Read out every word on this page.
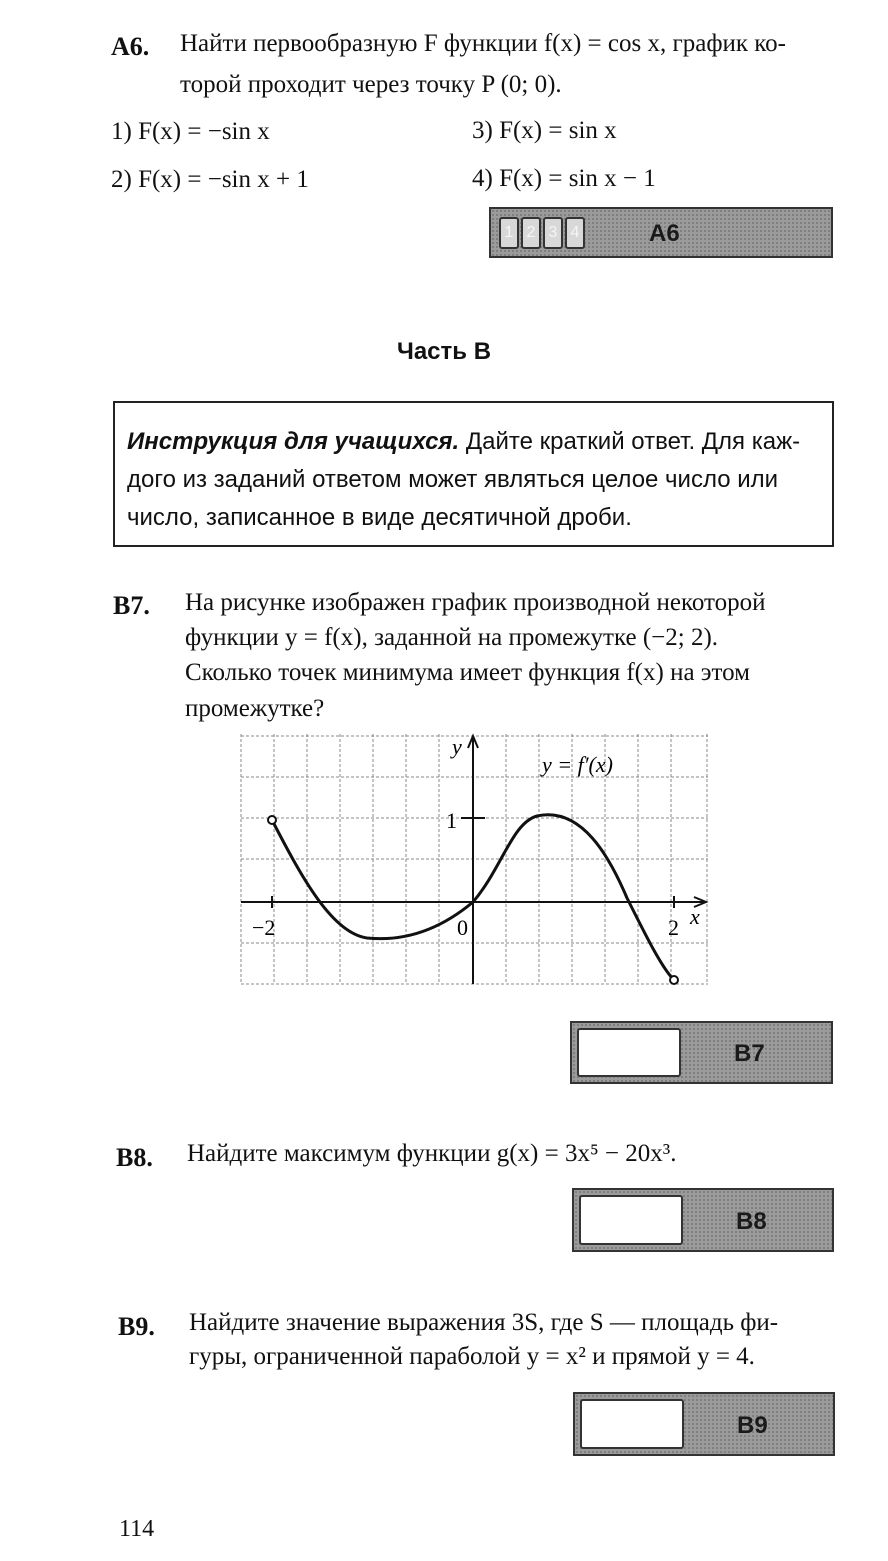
A6. Найти первообразную F функции f(x) = cos x, график ко-
торой проходит через точку P (0; 0).
1) F(x) = −sin x	3) F(x) = sin x
2) F(x) = −sin x + 1	4) F(x) = sin x − 1
1 2 3 4	А6
Часть В
Инструкция для учащихся. Дайте краткий ответ. Для каж-
дого из заданий ответом может являться целое число или
число, записанное в виде десятичной дроби.
В7. На рисунке изображен график производной некоторой
функции y = f(x), заданной на промежутке (−2; 2).
Сколько точек минимума имеет функция f(x) на этом
промежутке?
y
x
y = f′(x)
1
0
−2	2
В7
В8. Найдите максимум функции g(x) = 3x⁵ − 20x³.
В8
В9. Найдите значение выражения 3S, где S — площадь фи-
гуры, ограниченной параболой y = x² и прямой y = 4.
В9
114
